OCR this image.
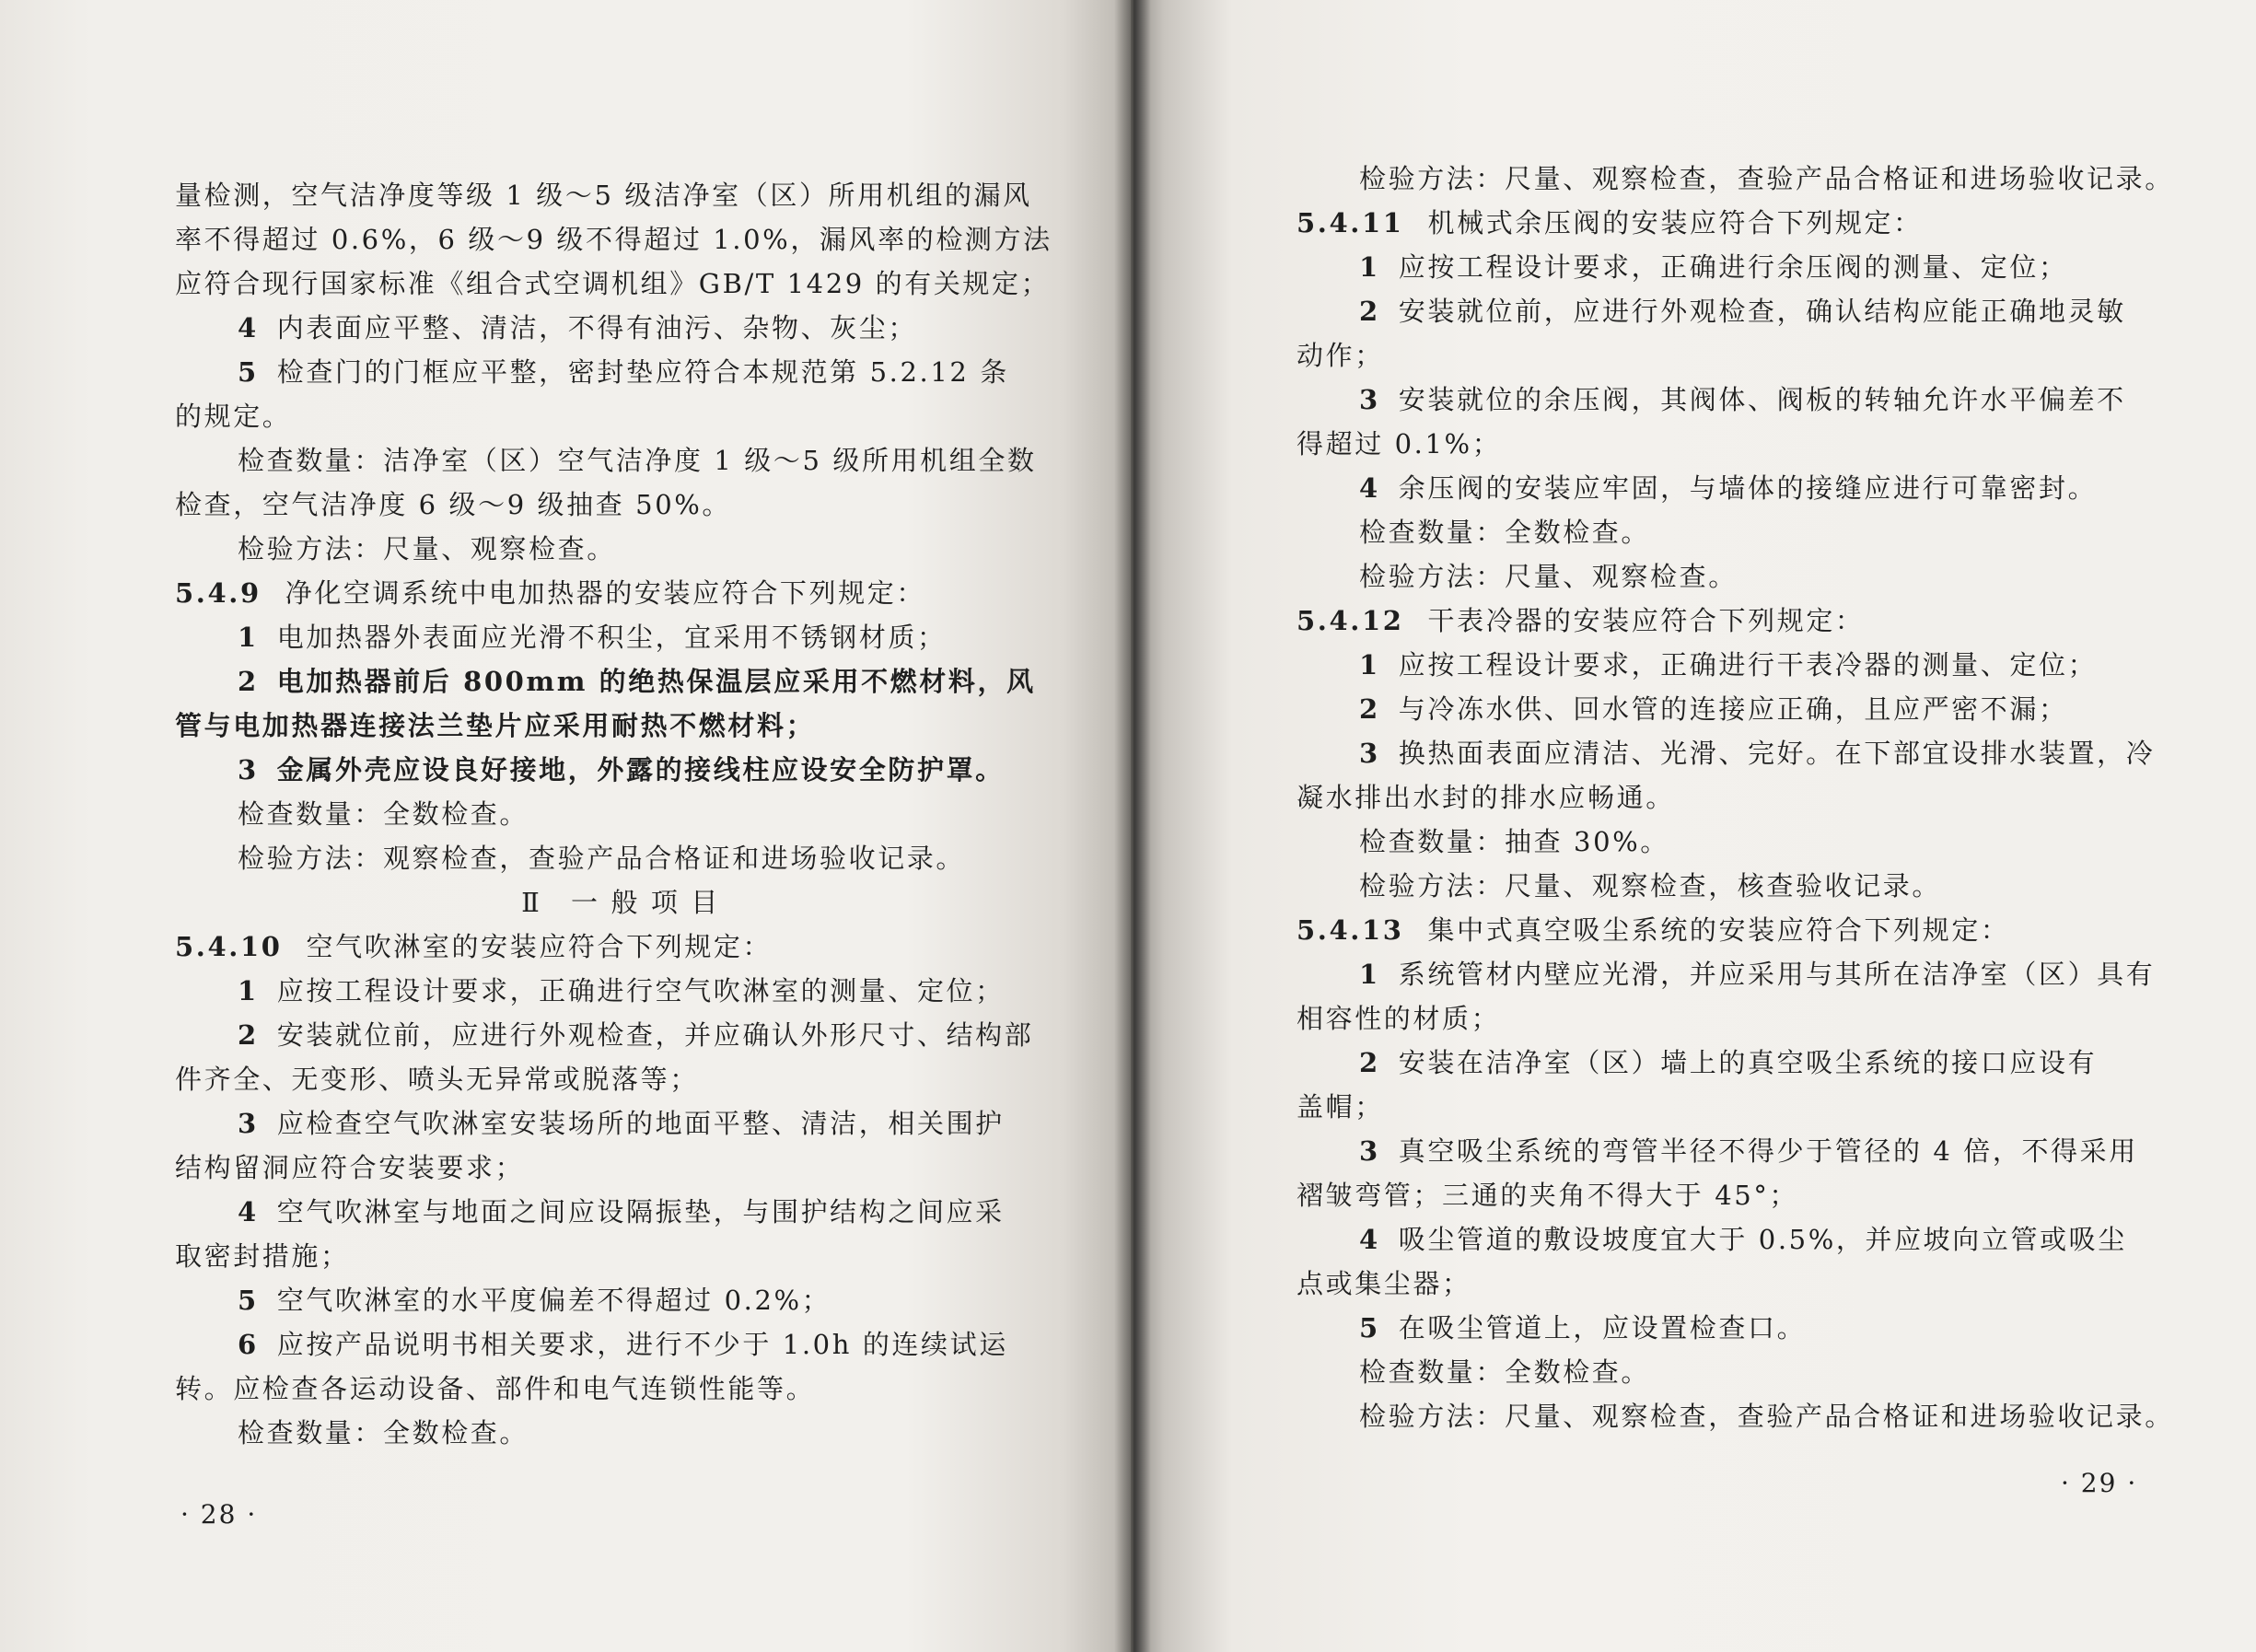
量检测，空气洁净度等级 1 级～5 级洁净室（区）所用机组的漏风
率不得超过 0.6%，6 级～9 级不得超过 1.0%，漏风率的检测方法
应符合现行国家标准《组合式空调机组》GB/T 1429 的有关规定；
4 内表面应平整、清洁，不得有油污、杂物、灰尘；
5 检查门的门框应平整，密封垫应符合本规范第 5.2.12 条
的规定。
检查数量：洁净室（区）空气洁净度 1 级～5 级所用机组全数
检查，空气洁净度 6 级～9 级抽查 50%。
检验方法：尺量、观察检查。
5.4.9 净化空调系统中电加热器的安装应符合下列规定：
1 电加热器外表面应光滑不积尘，宜采用不锈钢材质；
2 电加热器前后 800mm 的绝热保温层应采用不燃材料，风
管与电加热器连接法兰垫片应采用耐热不燃材料；
3 金属外壳应设良好接地，外露的接线柱应设安全防护罩。
检查数量：全数检查。
检验方法：观察检查，查验产品合格证和进场验收记录。
Ⅱ　一 般 项 目
5.4.10 空气吹淋室的安装应符合下列规定：
1 应按工程设计要求，正确进行空气吹淋室的测量、定位；
2 安装就位前，应进行外观检查，并应确认外形尺寸、结构部
件齐全、无变形、喷头无异常或脱落等；
3 应检查空气吹淋室安装场所的地面平整、清洁，相关围护
结构留洞应符合安装要求；
4 空气吹淋室与地面之间应设隔振垫，与围护结构之间应采
取密封措施；
5 空气吹淋室的水平度偏差不得超过 0.2%；
6 应按产品说明书相关要求，进行不少于 1.0h 的连续试运
转。应检查各运动设备、部件和电气连锁性能等。
检查数量：全数检查。
· 28 ·
检验方法：尺量、观察检查，查验产品合格证和进场验收记录。
5.4.11 机械式余压阀的安装应符合下列规定：
1 应按工程设计要求，正确进行余压阀的测量、定位；
2 安装就位前，应进行外观检查，确认结构应能正确地灵敏
动作；
3 安装就位的余压阀，其阀体、阀板的转轴允许水平偏差不
得超过 0.1%；
4 余压阀的安装应牢固，与墙体的接缝应进行可靠密封。
检查数量：全数检查。
检验方法：尺量、观察检查。
5.4.12 干表冷器的安装应符合下列规定：
1 应按工程设计要求，正确进行干表冷器的测量、定位；
2 与冷冻水供、回水管的连接应正确，且应严密不漏；
3 换热面表面应清洁、光滑、完好。在下部宜设排水装置，冷
凝水排出水封的排水应畅通。
检查数量：抽查 30%。
检验方法：尺量、观察检查，核查验收记录。
5.4.13 集中式真空吸尘系统的安装应符合下列规定：
1 系统管材内壁应光滑，并应采用与其所在洁净室（区）具有
相容性的材质；
2 安装在洁净室（区）墙上的真空吸尘系统的接口应设有
盖帽；
3 真空吸尘系统的弯管半径不得少于管径的 4 倍，不得采用
褶皱弯管；三通的夹角不得大于 45°；
4 吸尘管道的敷设坡度宜大于 0.5%，并应坡向立管或吸尘
点或集尘器；
5 在吸尘管道上，应设置检查口。
检查数量：全数检查。
检验方法：尺量、观察检查，查验产品合格证和进场验收记录。
· 29 ·
